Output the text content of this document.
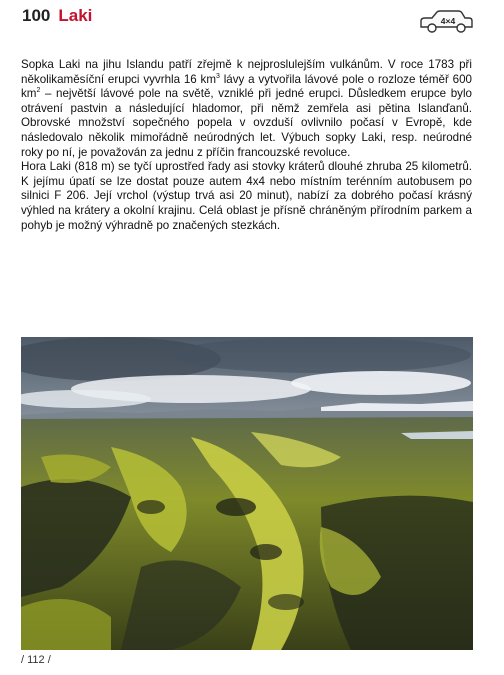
100 Laki	4×4

Sopka Laki na jihu Islandu patří zřejmě k nejproslulejším vulkánům. V roce 1783 při několikaměsíční erupci vyvrhla 16 $km^3$ lávy a vytvořila lávové pole o rozloze téměř 600 $km^2$ – největší lávové pole na světě, vzniklé při jedné erupci. Důsledkem erupce bylo otrávení pastvin a následující hladomor, při němž zemřela asi pětina Islanďanů. Obrovské množství sopečného popela v ovzduší ovlivnilo počasí v Evropě, kde následovalo několik mimořádně neúrodných let. Výbuch sopky Laki, resp. neúrodné roky po ní, je považován za jednu z příčin francouzské revoluce.

Hora Laki (818 m) se tyčí uprostřed řady asi stovky kráterů dlouhé zhruba 25 kilometrů. K jejímu úpatí se lze dostat pouze autem 4x4 nebo místním terénním autobusem po silnici F 206. Její vrchol (výstup trvá asi 20 minut), nabízí za dobrého počasí krásný výhled na krátery a okolní krajinu. Celá oblast je přísně chráněným přírodním parkem a pohyb je možný výhradně po značených stezkách.

/ 112 /
